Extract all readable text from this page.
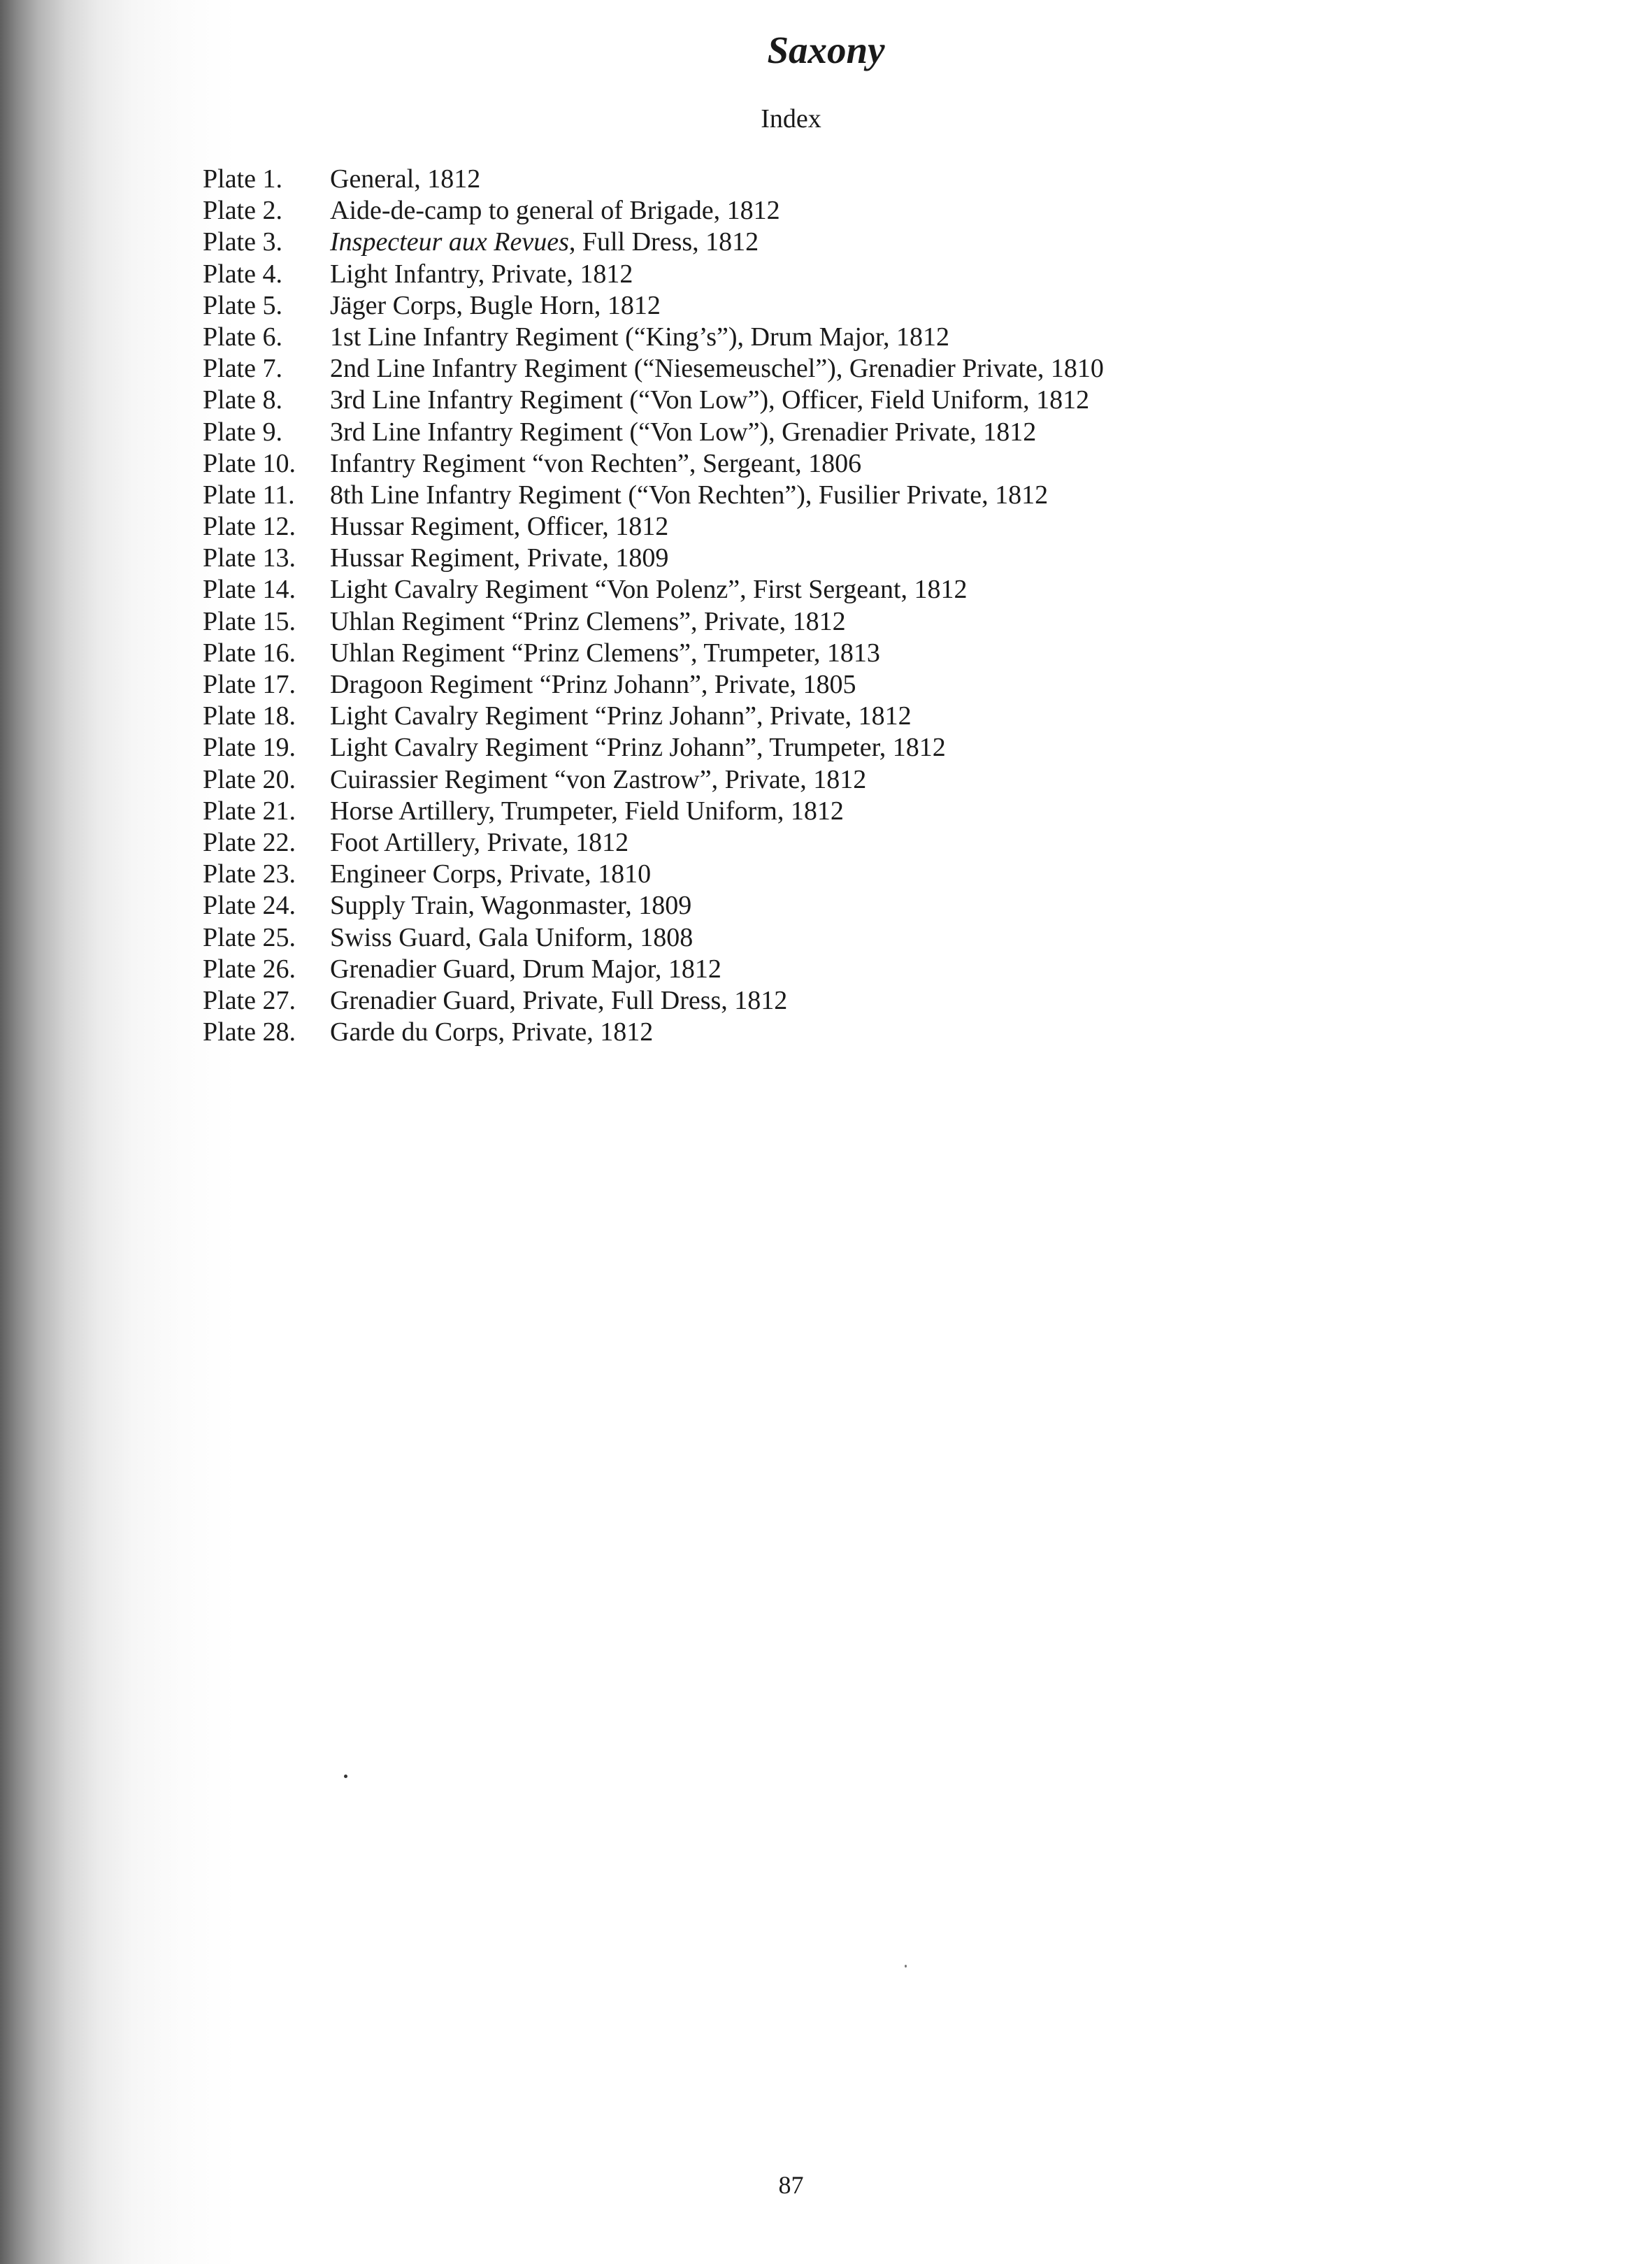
Saxony
Index
Plate 1. General, 1812
Plate 2. Aide-de-camp to general of Brigade, 1812
Plate 3. Inspecteur aux Revues, Full Dress, 1812
Plate 4. Light Infantry, Private, 1812
Plate 5. Jäger Corps, Bugle Horn, 1812
Plate 6. 1st Line Infantry Regiment (“King’s”), Drum Major, 1812
Plate 7. 2nd Line Infantry Regiment (“Niesemeuschel”), Grenadier Private, 1810
Plate 8. 3rd Line Infantry Regiment (“Von Low”), Officer, Field Uniform, 1812
Plate 9. 3rd Line Infantry Regiment (“Von Low”), Grenadier Private, 1812
Plate 10. Infantry Regiment “von Rechten”, Sergeant, 1806
Plate 11. 8th Line Infantry Regiment (“Von Rechten”), Fusilier Private, 1812
Plate 12. Hussar Regiment, Officer, 1812
Plate 13. Hussar Regiment, Private, 1809
Plate 14. Light Cavalry Regiment “Von Polenz”, First Sergeant, 1812
Plate 15. Uhlan Regiment “Prinz Clemens”, Private, 1812
Plate 16. Uhlan Regiment “Prinz Clemens”, Trumpeter, 1813
Plate 17. Dragoon Regiment “Prinz Johann”, Private, 1805
Plate 18. Light Cavalry Regiment “Prinz Johann”, Private, 1812
Plate 19. Light Cavalry Regiment “Prinz Johann”, Trumpeter, 1812
Plate 20. Cuirassier Regiment “von Zastrow”, Private, 1812
Plate 21. Horse Artillery, Trumpeter, Field Uniform, 1812
Plate 22. Foot Artillery, Private, 1812
Plate 23. Engineer Corps, Private, 1810
Plate 24. Supply Train, Wagonmaster, 1809
Plate 25. Swiss Guard, Gala Uniform, 1808
Plate 26. Grenadier Guard, Drum Major, 1812
Plate 27. Grenadier Guard, Private, Full Dress, 1812
Plate 28. Garde du Corps, Private, 1812
87
